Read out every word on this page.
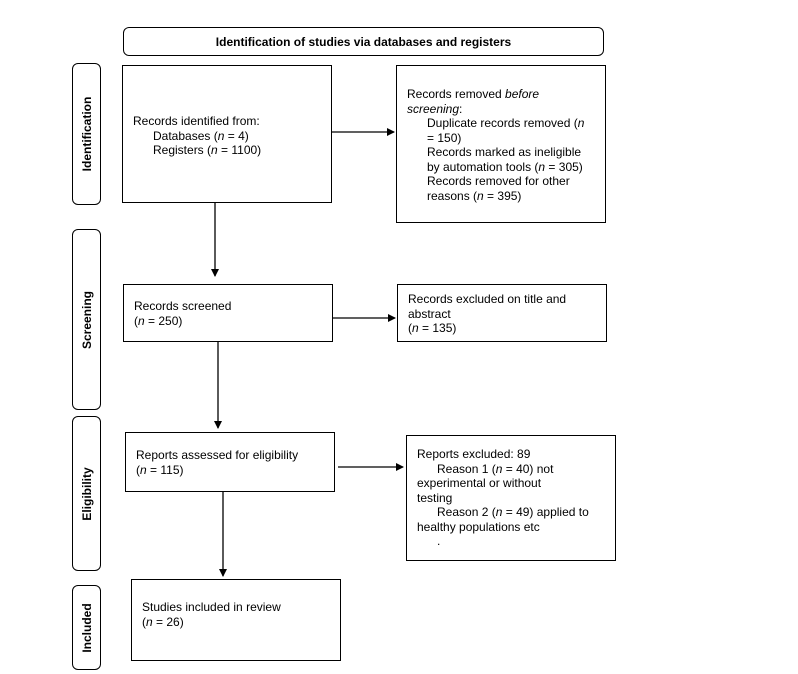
Identification of studies via databases and registers
Identification
Screening
Eligibility
Included
Records identified from:
Databases (n = 4)
Registers (n = 1100)
Records removed before
screening:
Duplicate records removed (n
= 150)
Records marked as ineligible
by automation tools (n = 305)
Records removed for other
reasons (n = 395)
Records screened
(n = 250)
Records excluded on title and
abstract
(n = 135)
Reports assessed for eligibility
(n = 115)
Reports excluded: 89
Reason 1 (n = 40) not
experimental or without
testing
Reason 2 (n = 49) applied to
healthy populations etc
.
Studies included in review
(n = 26)
